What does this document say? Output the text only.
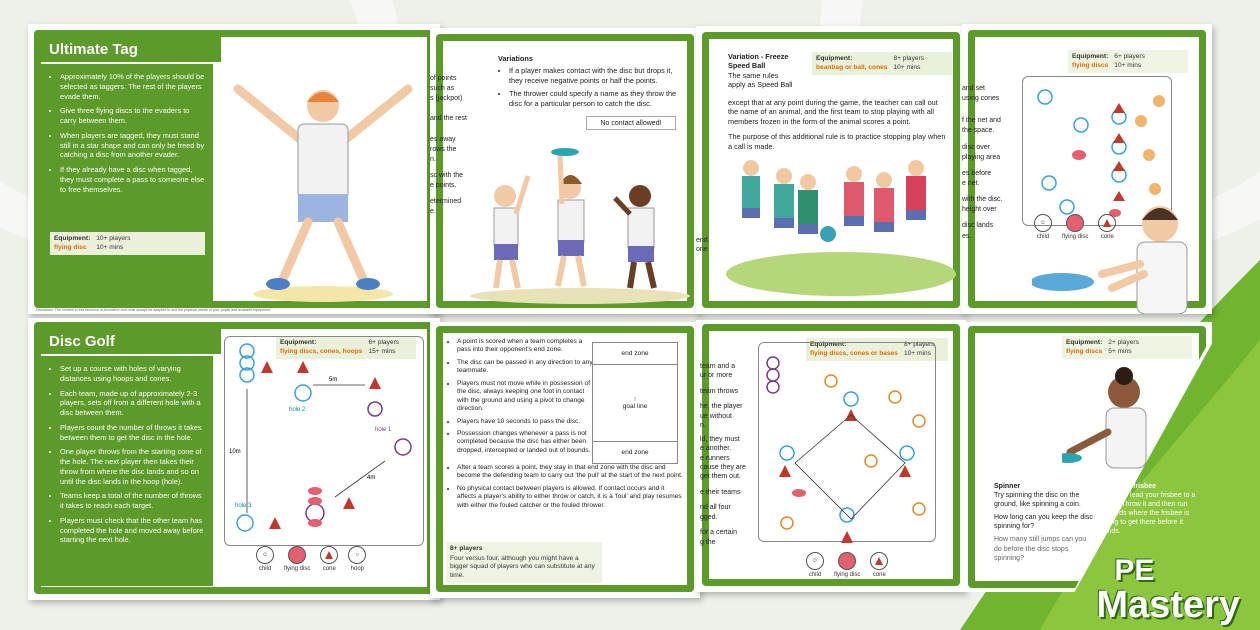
Ultimate Tag
• Approximately 10% of the players should be selected as taggers. The rest of the players evade them.
• Give three flying discs to the evaders to carry between them.
• When players are tagged, they must stand still in a star shape and can only be freed by catching a disc from another evader.
• If they already have a disc when tagged, they must complete a pass to someone else to free themselves.
Equipment:
flying disc
10+ players
10+ mins
of points
such as
s (jackpot)
and the rest
es away
rows the
n.
sc with the
e points.
etermined
e.
Variations
• If a player makes contact with the disc but drops it, they receive negative points or half the points.
• The thrower could specify a name as they throw the disc for a particular person to catch the disc.
No contact allowed!
end
one
Variation - Freeze Speed Ball
The same rules
apply as Speed Ball
Equipment:
beanbag or ball, cones
8+ players
10+ mins

except that at any point during the game, the teacher can call out the name of an animal, and the first team to stop playing with all members frozen in the form of the animal scores a point.

The purpose of this additional rule is to practice stopping play when a call is made.

and set
using cones
f the net and
the space.
disc over
playing area
es before
e net.
with the disc.
height over
disc lands
es.
Equipment:
flying discs
6+ players
10+ mins
☺
child flying disc cone
Disclaimer: The content in this resource is illustrative and must always be adapted to suit the physical needs of your pupils and available equipment.
Disc Golf
• Set up a course with holes of varying distances using hoops and cones.
• Each team, made up of approximately 2-3 players, sets off from a different hole with a disc between them.
• Players count the number of throws it takes between them to get the disc in the hole.
• One player throws from the starting cone of the hole. The next player then takes their throw from where the disc lands and so on until the disc lands in the hoop (hole).
• Teams keep a total of the number of throws it takes to reach each target.
• Players must check that the other team has completed the hole and moved away before starting the next hole.
Equipment:
flying discs, cones, hoops
6+ players
15+ mins
5m
10m
4m
hole 2
hole 1
hole 3
☺
child flying disc cone
○
hoop
• A point is scored when a team completes a pass into their opponent's end zone.
• The disc can be passed in any direction to any teammate.
• Players must not move while in possession of the disc, always keeping one foot in contact with the ground and using a pivot to change direction.
• Players have 10 seconds to pass the disc.
• Possession changes whenever a pass is not completed because the disc has either been dropped, intercepted or landed out of bounds.
• After a team scores a point, they stay in that end zone with the disc and become the defending team to carry out 'the pull' at the start of the next point.
• No physical contact between players is allowed. If contact occurs and it affects a player's ability to either throw or catch, it is a 'foul' and play resumes with either the fouled catcher or the fouled thrower.
end zone
↑
goal line
end zone
8+ players
Four versus four, although you might have a bigger squad of players who can substitute at any time.
team and a
ur or more
team throws
he, the player
ue without
n.
ld, they must
e another.
e runners
cause they are
get them out.
e their teams
nd all four
gged.
for a certain
g the
Equipment:
flying discs, cones or bases
8+ players
10+ mins
☺
child flying disc cone
Equipment:
flying discs
2+ players
5+ mins
Spinner
Try spinning the disc on the ground, like spinning a coin.
How long can you keep the disc spinning for?
How many still jumps can you do before the disc stops spinning?
Race the frisbee
Can you lead your frisbee to a race? Throw it and then run towards where the frisbee is flying to get there before it lands.
PE
Mastery
